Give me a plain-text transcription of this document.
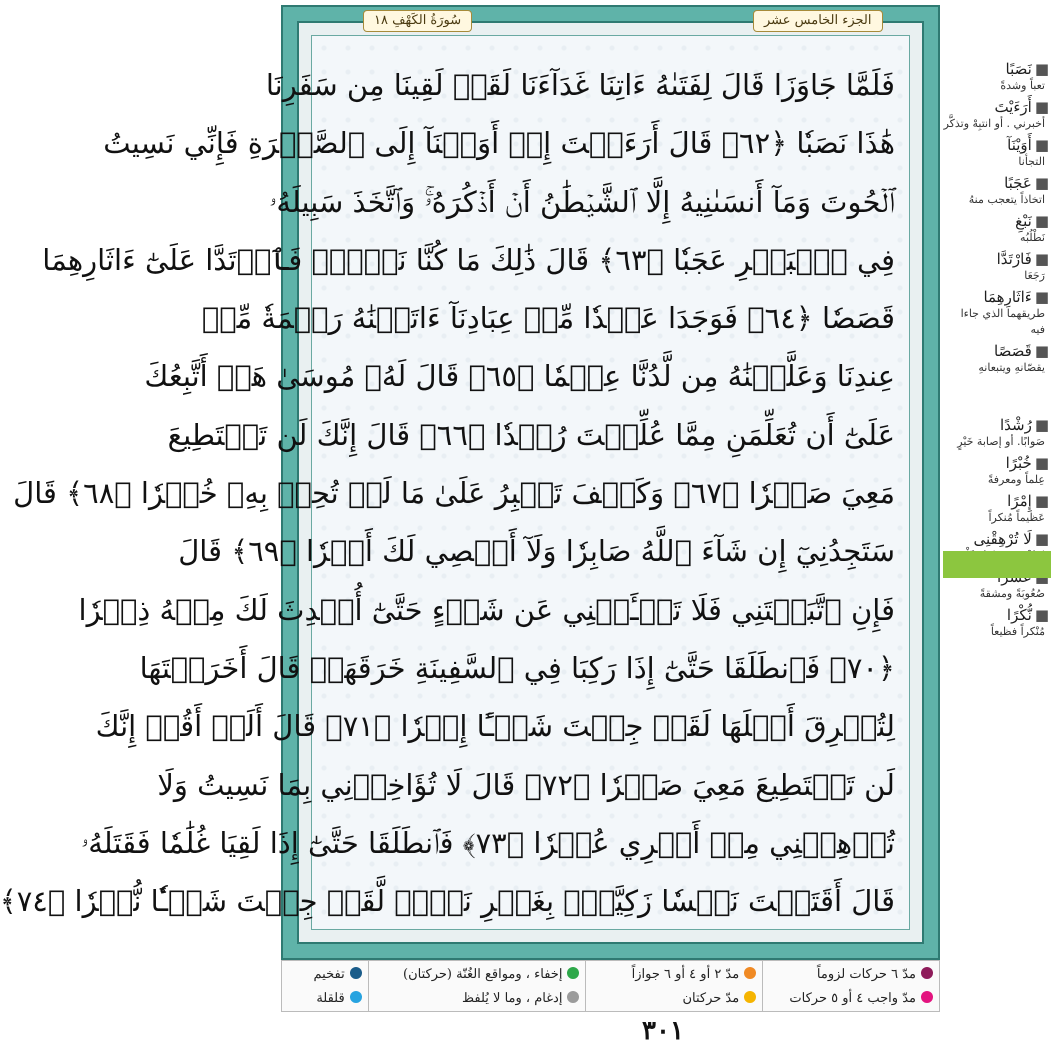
فَلَمَّا جَاوَزَا قَالَ لِفَتَىٰهُ ءَاتِنَا غَدَآءَنَا لَقَدۡ لَقِينَا مِن سَفَرِنَا
هَٰذَا نَصَبٗا ﴿٦٢﴾ قَالَ أَرَءَيۡتَ إِذۡ أَوَيۡنَآ إِلَى ٱلصَّخۡرَةِ فَإِنِّي نَسِيتُ
ٱلۡحُوتَ وَمَآ أَنسَىٰنِيهُ إِلَّا ٱلشَّيۡطَٰنُ أَنۡ أَذۡكُرَهُۥۚ وَٱتَّخَذَ سَبِيلَهُۥ
فِي ٱلۡبَحۡرِ عَجَبٗا ﴿٦٣﴾ قَالَ ذَٰلِكَ مَا كُنَّا نَبۡغِۚ فَٱرۡتَدَّا عَلَىٰٓ ءَاثَارِهِمَا
قَصَصٗا ﴿٦٤﴾ فَوَجَدَا عَبۡدٗا مِّنۡ عِبَادِنَآ ءَاتَيۡنَٰهُ رَحۡمَةٗ مِّنۡ
عِندِنَا وَعَلَّمۡنَٰهُ مِن لَّدُنَّا عِلۡمٗا ﴿٦٥﴾ قَالَ لَهُۥ مُوسَىٰ هَلۡ أَتَّبِعُكَ
عَلَىٰٓ أَن تُعَلِّمَنِ مِمَّا عُلِّمۡتَ رُشۡدٗا ﴿٦٦﴾ قَالَ إِنَّكَ لَن تَسۡتَطِيعَ
مَعِيَ صَبۡرٗا ﴿٦٧﴾ وَكَيۡفَ تَصۡبِرُ عَلَىٰ مَا لَمۡ تُحِطۡ بِهِۦ خُبۡرٗا ﴿٦٨﴾ قَالَ
سَتَجِدُنِيٓ إِن شَآءَ ٱللَّهُ صَابِرٗا وَلَآ أَعۡصِي لَكَ أَمۡرٗا ﴿٦٩﴾ قَالَ
فَإِنِ ٱتَّبَعۡتَنِي فَلَا تَسۡـَٔلۡنِي عَن شَيۡءٍ حَتَّىٰٓ أُحۡدِثَ لَكَ مِنۡهُ ذِكۡرٗا
﴿٧٠﴾ فَٱنطَلَقَا حَتَّىٰٓ إِذَا رَكِبَا فِي ٱلسَّفِينَةِ خَرَقَهَاۖ قَالَ أَخَرَقۡتَهَا
لِتُغۡرِقَ أَهۡلَهَا لَقَدۡ جِئۡتَ شَيۡـًٔا إِمۡرٗا ﴿٧١﴾ قَالَ أَلَمۡ أَقُلۡ إِنَّكَ
لَن تَسۡتَطِيعَ مَعِيَ صَبۡرٗا ﴿٧٢﴾ قَالَ لَا تُؤَاخِذۡنِي بِمَا نَسِيتُ وَلَا
تُرۡهِقۡنِي مِنۡ أَمۡرِي عُسۡرٗا ﴿٧٣﴾ فَٱنطَلَقَا حَتَّىٰٓ إِذَا لَقِيَا غُلَٰمٗا فَقَتَلَهُۥ
قَالَ أَقَتَلۡتَ نَفۡسٗا زَكِيَّةَۢ بِغَيۡرِ نَفۡسٖ لَّقَدۡ جِئۡتَ شَيۡـٔٗا نُّكۡرٗا ﴿٧٤﴾
الجزء الخامس عشر
سُورَةُ الكَهْفِ ١٨
■نَصَبًا
تعباً وشدةً
■أَرَءَيْتَ
أخبرني . أو انتبِهْ وتذكَّر
■أَوَيْنَآ
التجأنا
■عَجَبًا
اتخاذاً يتعجب منهُ
■نَبْغِ
نَطْلُبُه
■فَارْتَدَّا
رَجَعَا
■ءَاثَارِهِمَا
طريقهما الذي جاءا فيه
■قَصَصًا
يقصّانهِ ويتبعانهِ
■رُشْدًا
صَوابًا. أو إصابة خَيْرٍ
■خُبْرًا
عِلماً ومعرفةً
■إِمْرًا
عَظيماً مُنكراً
■لَا تُرْهِقْنِى
صُعُوبَةً ومشقةً
■نُّكْرًا
مُنْكراً فظيعاً
مدّ ٦ حركات لزوماً
مدّ واجب ٤ أو ٥ حركات
مدّ ٢ أو ٤ أو ٦ جوازاً
مدّ حركتان
إخفاء ، ومواقع الغُنّة (حركتان)
إدغام ، وما لا يُلفظ
تفخيم
قلقلة
٣٠١
